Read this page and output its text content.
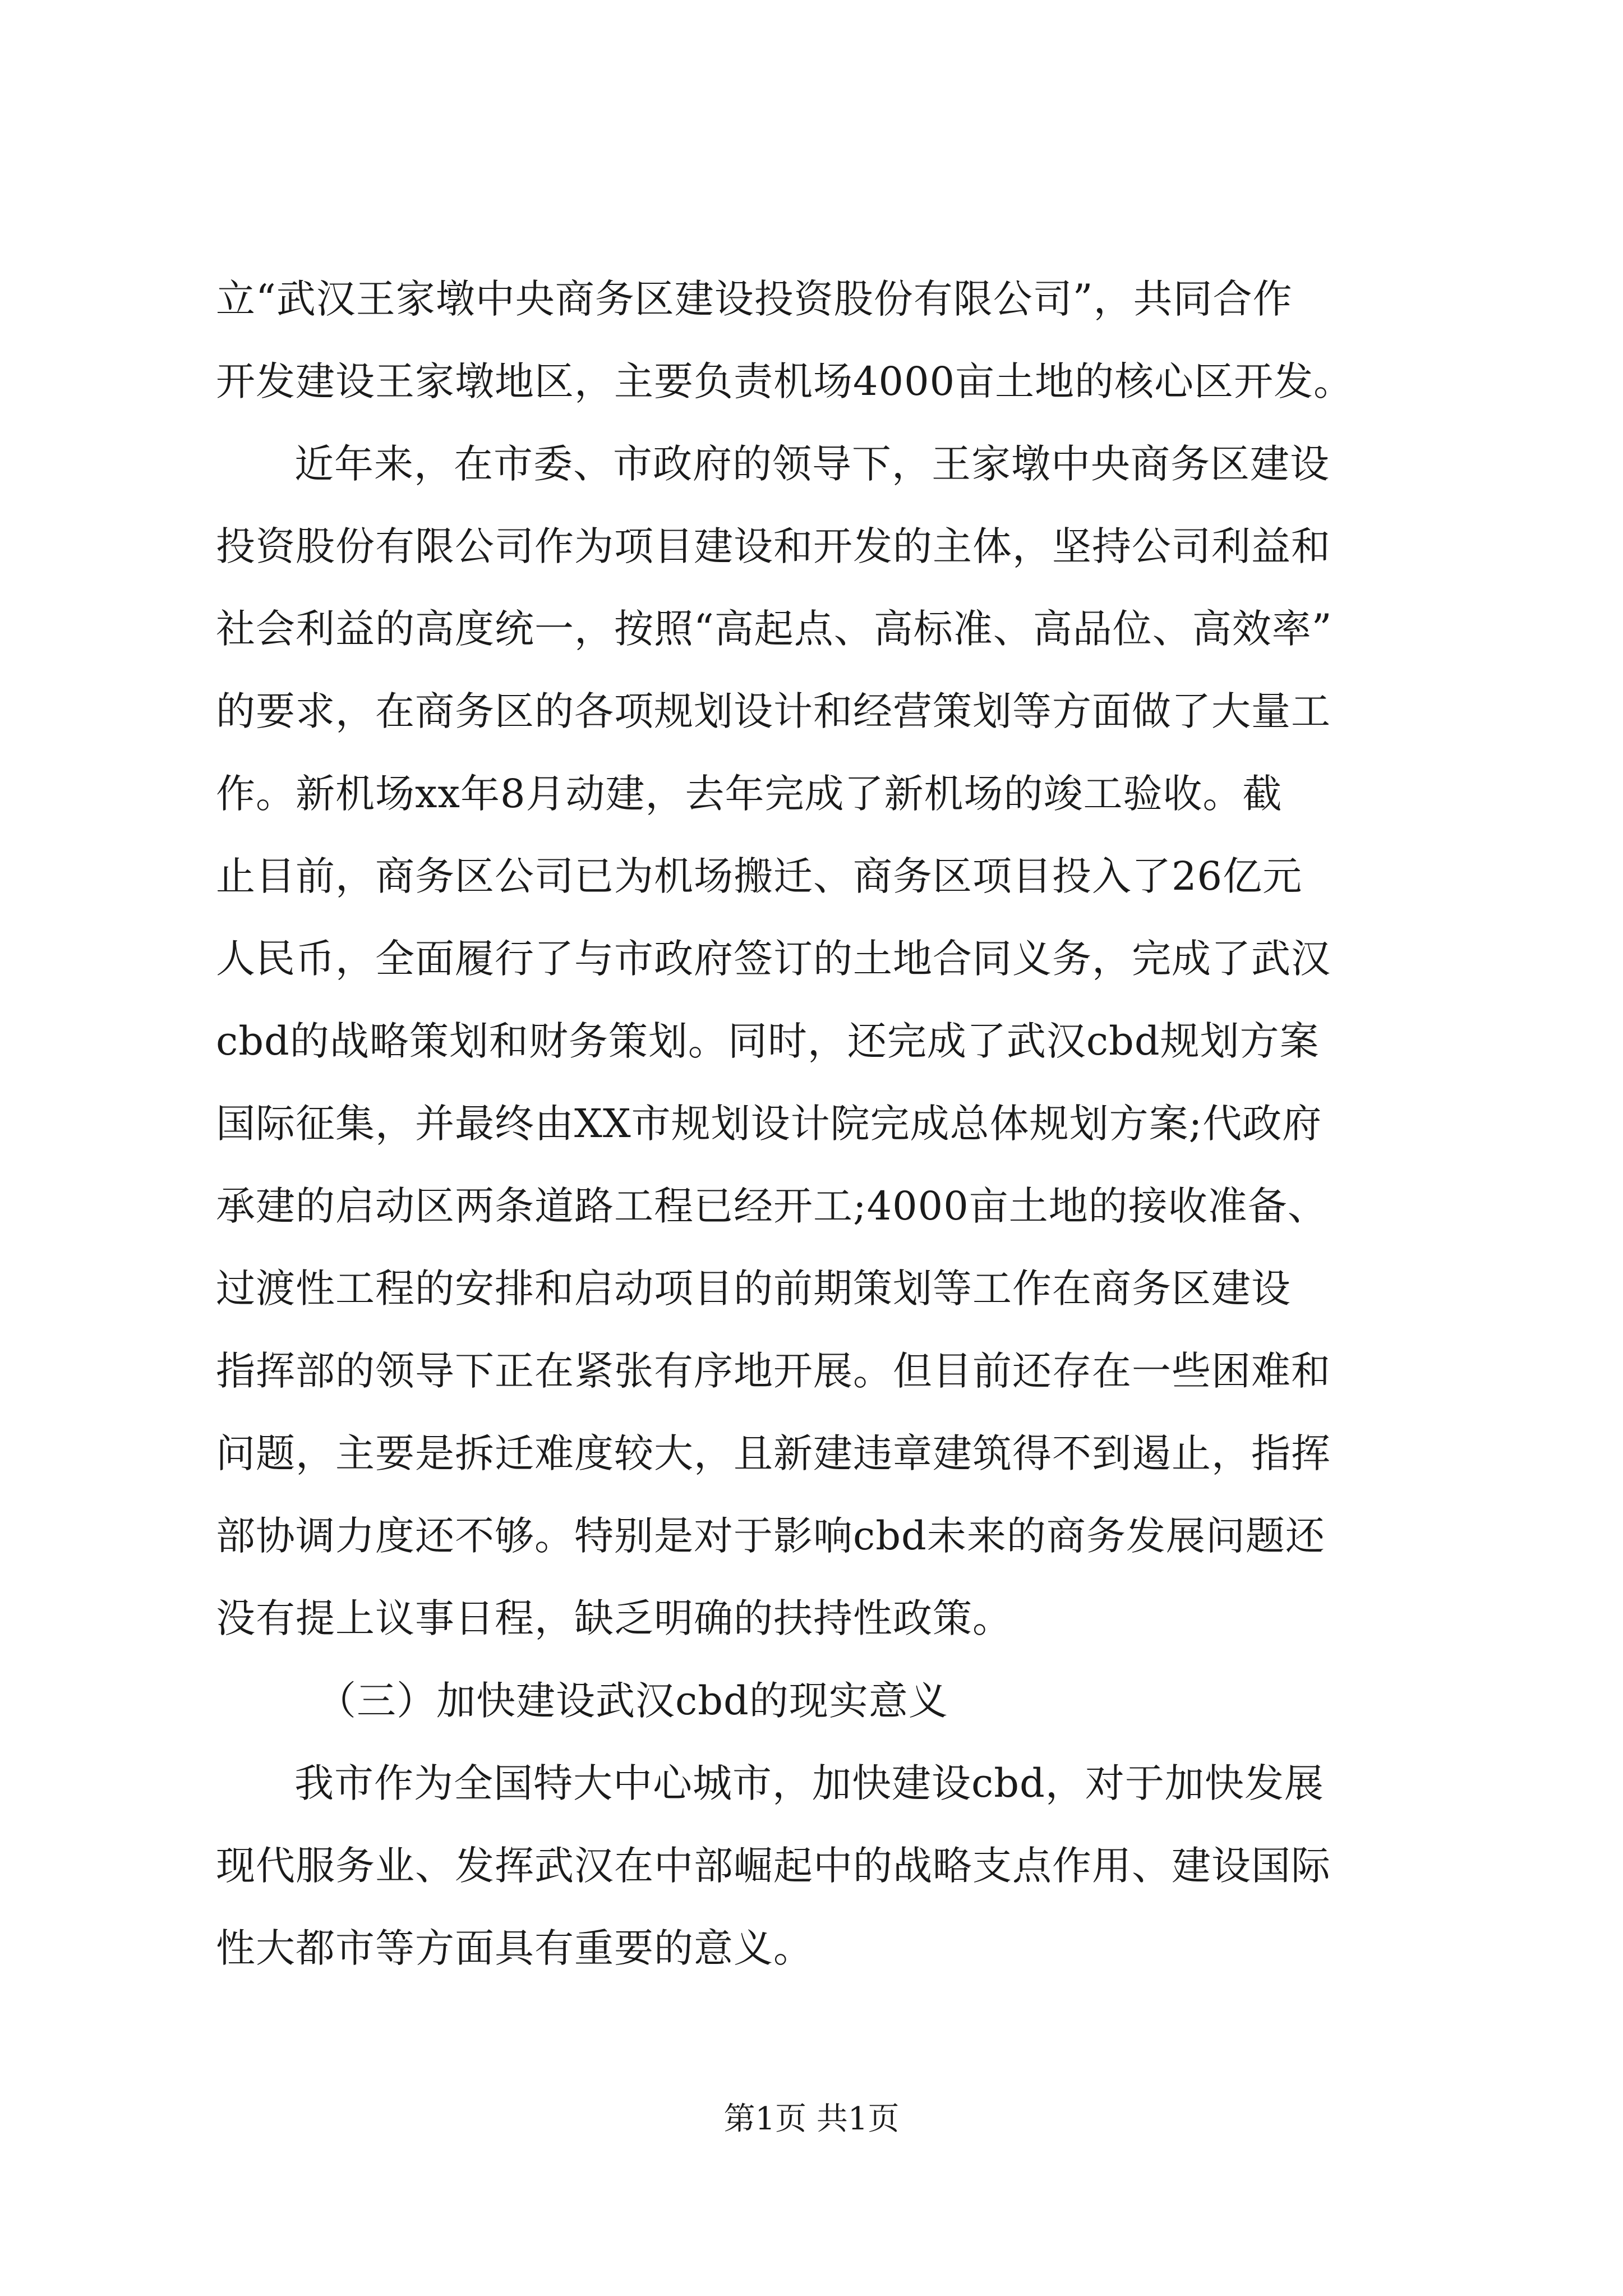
立“武汉王家墩中央商务区建设投资股份有限公司”，共同合作
开发建设王家墩地区，主要负责机场4000亩土地的核心区开发。
近年来，在市委、市政府的领导下，王家墩中央商务区建设
投资股份有限公司作为项目建设和开发的主体，坚持公司利益和
社会利益的高度统一，按照“高起点、高标准、高品位、高效率”
的要求，在商务区的各项规划设计和经营策划等方面做了大量工
作。新机场xx年8月动建，去年完成了新机场的竣工验收。截
止目前，商务区公司已为机场搬迁、商务区项目投入了26亿元
人民币，全面履行了与市政府签订的土地合同义务，完成了武汉
cbd的战略策划和财务策划。同时，还完成了武汉cbd规划方案
国际征集，并最终由XX市规划设计院完成总体规划方案;代政府
承建的启动区两条道路工程已经开工;4000亩土地的接收准备、
过渡性工程的安排和启动项目的前期策划等工作在商务区建设
指挥部的领导下正在紧张有序地开展。但目前还存在一些困难和
问题，主要是拆迁难度较大，且新建违章建筑得不到遏止，指挥
部协调力度还不够。特别是对于影响cbd未来的商务发展问题还
没有提上议事日程，缺乏明确的扶持性政策。
（三）加快建设武汉cbd的现实意义
我市作为全国特大中心城市，加快建设cbd，对于加快发展
现代服务业、发挥武汉在中部崛起中的战略支点作用、建设国际
性大都市等方面具有重要的意义。
第1页 共1页
